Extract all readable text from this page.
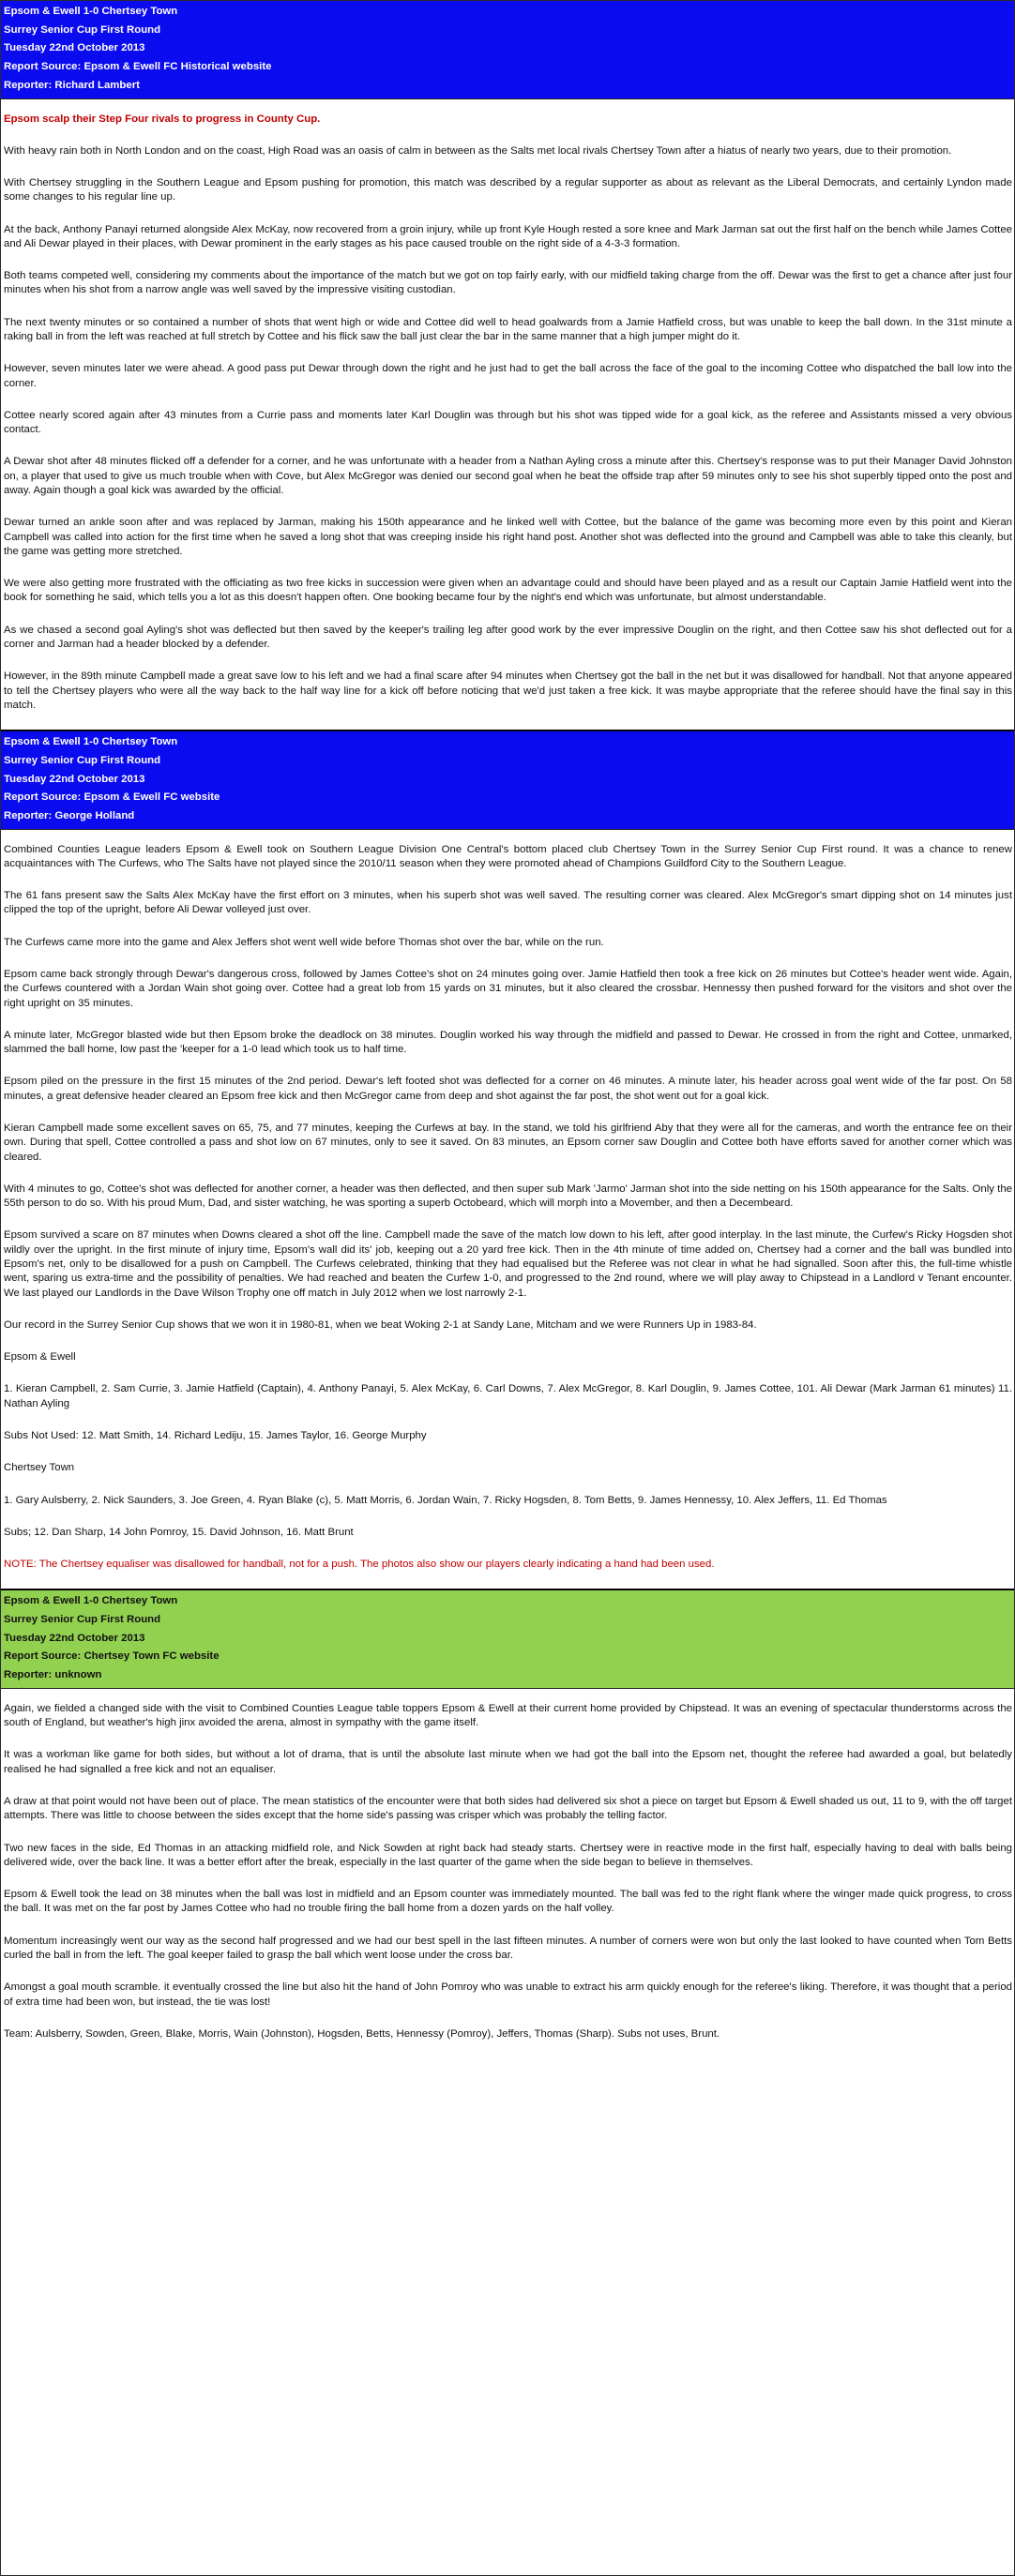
Epsom & Ewell 1-0 Chertsey Town
Surrey Senior Cup First Round
Tuesday 22nd October 2013
Report Source: Epsom & Ewell FC Historical website
Reporter: Richard Lambert

Epsom scalp their Step Four rivals to progress in County Cup.

With heavy rain both in North London and on the coast, High Road was an oasis of calm in between as the Salts met local rivals Chertsey Town after a hiatus of nearly two years, due to their promotion.

With Chertsey struggling in the Southern League and Epsom pushing for promotion, this match was described by a regular supporter as about as relevant as the Liberal Democrats, and certainly Lyndon made some changes to his regular line up.

At the back, Anthony Panayi returned alongside Alex McKay, now recovered from a groin injury, while up front Kyle Hough rested a sore knee and Mark Jarman sat out the first half on the bench while James Cottee and Ali Dewar played in their places, with Dewar prominent in the early stages as his pace caused trouble on the right side of a 4-3-3 formation.

Both teams competed well, considering my comments about the importance of the match but we got on top fairly early, with our midfield taking charge from the off. Dewar was the first to get a chance after just four minutes when his shot from a narrow angle was well saved by the impressive visiting custodian.

The next twenty minutes or so contained a number of shots that went high or wide and Cottee did well to head goalwards from a Jamie Hatfield cross, but was unable to keep the ball down. In the 31st minute a raking ball in from the left was reached at full stretch by Cottee and his flick saw the ball just clear the bar in the same manner that a high jumper might do it.

However, seven minutes later we were ahead. A good pass put Dewar through down the right and he just had to get the ball across the face of the goal to the incoming Cottee who dispatched the ball low into the corner.

Cottee nearly scored again after 43 minutes from a Currie pass and moments later Karl Douglin was through but his shot was tipped wide for a goal kick, as the referee and Assistants missed a very obvious contact.

A Dewar shot after 48 minutes flicked off a defender for a corner, and he was unfortunate with a header from a Nathan Ayling cross a minute after this. Chertsey's response was to put their Manager David Johnston on, a player that used to give us much trouble when with Cove, but Alex McGregor was denied our second goal when he beat the offside trap after 59 minutes only to see his shot superbly tipped onto the post and away. Again though a goal kick was awarded by the official.

Dewar turned an ankle soon after and was replaced by Jarman, making his 150th appearance and he linked well with Cottee, but the balance of the game was becoming more even by this point and Kieran Campbell was called into action for the first time when he saved a long shot that was creeping inside his right hand post. Another shot was deflected into the ground and Campbell was able to take this cleanly, but the game was getting more stretched.

We were also getting more frustrated with the officiating as two free kicks in succession were given when an advantage could and should have been played and as a result our Captain Jamie Hatfield went into the book for something he said, which tells you a lot as this doesn't happen often. One booking became four by the night's end which was unfortunate, but almost understandable.

As we chased a second goal Ayling's shot was deflected but then saved by the keeper's trailing leg after good work by the ever impressive Douglin on the right, and then Cottee saw his shot deflected out for a corner and Jarman had a header blocked by a defender.

However, in the 89th minute Campbell made a great save low to his left and we had a final scare after 94 minutes when Chertsey got the ball in the net but it was disallowed for handball. Not that anyone appeared to tell the Chertsey players who were all the way back to the half way line for a kick off before noticing that we'd just taken a free kick. It was maybe appropriate that the referee should have the final say in this match.

Epsom & Ewell 1-0 Chertsey Town
Surrey Senior Cup First Round
Tuesday 22nd October 2013
Report Source: Epsom & Ewell FC website
Reporter: George Holland

Combined Counties League leaders Epsom & Ewell took on Southern League Division One Central's bottom placed club Chertsey Town in the Surrey Senior Cup First round. It was a chance to renew acquaintances with The Curfews, who The Salts have not played since the 2010/11 season when they were promoted ahead of Champions Guildford City to the Southern League.

The 61 fans present saw the Salts Alex McKay have the first effort on 3 minutes, when his superb shot was well saved. The resulting corner was cleared. Alex McGregor's smart dipping shot on 14 minutes just clipped the top of the upright, before Ali Dewar volleyed just over.

The Curfews came more into the game and Alex Jeffers shot went well wide before Thomas shot over the bar, while on the run.

Epsom came back strongly through Dewar's dangerous cross, followed by James Cottee's shot on 24 minutes going over. Jamie Hatfield then took a free kick on 26 minutes but Cottee's header went wide. Again, the Curfews countered with a Jordan Wain shot going over. Cottee had a great lob from 15 yards on 31 minutes, but it also cleared the crossbar. Hennessy then pushed forward for the visitors and shot over the right upright on 35 minutes.

A minute later, McGregor blasted wide but then Epsom broke the deadlock on 38 minutes. Douglin worked his way through the midfield and passed to Dewar. He crossed in from the right and Cottee, unmarked, slammed the ball home, low past the 'keeper for a 1-0 lead which took us to half time.

Epsom piled on the pressure in the first 15 minutes of the 2nd period. Dewar's left footed shot was deflected for a corner on 46 minutes. A minute later, his header across goal went wide of the far post. On 58 minutes, a great defensive header cleared an Epsom free kick and then McGregor came from deep and shot against the far post, the shot went out for a goal kick.

Kieran Campbell made some excellent saves on 65, 75, and 77 minutes, keeping the Curfews at bay. In the stand, we told his girlfriend Aby that they were all for the cameras, and worth the entrance fee on their own. During that spell, Cottee controlled a pass and shot low on 67 minutes, only to see it saved. On 83 minutes, an Epsom corner saw Douglin and Cottee both have efforts saved for another corner which was cleared.

With 4 minutes to go, Cottee's shot was deflected for another corner, a header was then deflected, and then super sub Mark 'Jarmo' Jarman shot into the side netting on his 150th appearance for the Salts. Only the 55th person to do so. With his proud Mum, Dad, and sister watching, he was sporting a superb Octobeard, which will morph into a Movember, and then a Decembeard.

Epsom survived a scare on 87 minutes when Downs cleared a shot off the line. Campbell made the save of the match low down to his left, after good interplay. In the last minute, the Curfew's Ricky Hogsden shot wildly over the upright. In the first minute of injury time, Epsom's wall did its' job, keeping out a 20 yard free kick. Then in the 4th minute of time added on, Chertsey had a corner and the ball was bundled into Epsom's net, only to be disallowed for a push on Campbell. The Curfews celebrated, thinking that they had equalised but the Referee was not clear in what he had signalled. Soon after this, the full-time whistle went, sparing us extra-time and the possibility of penalties. We had reached and beaten the Curfew 1-0, and progressed to the 2nd round, where we will play away to Chipstead in a Landlord v Tenant encounter. We last played our Landlords in the Dave Wilson Trophy one off match in July 2012 when we lost narrowly 2-1.

Our record in the Surrey Senior Cup shows that we won it in 1980-81, when we beat Woking 2-1 at Sandy Lane, Mitcham and we were Runners Up in 1983-84.

Epsom & Ewell

1. Kieran Campbell, 2. Sam Currie, 3. Jamie Hatfield (Captain), 4. Anthony Panayi, 5. Alex McKay, 6. Carl Downs, 7. Alex McGregor, 8. Karl Douglin, 9. James Cottee, 101. Ali Dewar (Mark Jarman 61 minutes) 11. Nathan Ayling

Subs Not Used: 12. Matt Smith, 14. Richard Lediju, 15. James Taylor, 16. George Murphy

Chertsey Town

1. Gary Aulsberry, 2. Nick Saunders, 3. Joe Green, 4. Ryan Blake (c), 5. Matt Morris, 6. Jordan Wain, 7. Ricky Hogsden, 8. Tom Betts, 9. James Hennessy, 10. Alex Jeffers, 11. Ed Thomas

Subs; 12. Dan Sharp, 14 John Pomroy, 15. David Johnson, 16. Matt Brunt

NOTE: The Chertsey equaliser was disallowed for handball, not for a push. The photos also show our players clearly indicating a hand had been used.

Epsom & Ewell 1-0 Chertsey Town
Surrey Senior Cup First Round
Tuesday 22nd October 2013
Report Source: Chertsey Town FC website
Reporter: unknown

Again, we fielded a changed side with the visit to Combined Counties League table toppers Epsom & Ewell at their current home provided by Chipstead. It was an evening of spectacular thunderstorms across the south of England, but weather's high jinx avoided the arena, almost in sympathy with the game itself.

It was a workman like game for both sides, but without a lot of drama, that is until the absolute last minute when we had got the ball into the Epsom net, thought the referee had awarded a goal, but belatedly realised he had signalled a free kick and not an equaliser.

A draw at that point would not have been out of place. The mean statistics of the encounter were that both sides had delivered six shot a piece on target but Epsom & Ewell shaded us out, 11 to 9, with the off target attempts. There was little to choose between the sides except that the home side's passing was crisper which was probably the telling factor.

Two new faces in the side, Ed Thomas in an attacking midfield role, and Nick Sowden at right back had steady starts. Chertsey were in reactive mode in the first half, especially having to deal with balls being delivered wide, over the back line. It was a better effort after the break, especially in the last quarter of the game when the side began to believe in themselves.

Epsom & Ewell took the lead on 38 minutes when the ball was lost in midfield and an Epsom counter was immediately mounted. The ball was fed to the right flank where the winger made quick progress, to cross the ball. It was met on the far post by James Cottee who had no trouble firing the ball home from a dozen yards on the half volley.

Momentum increasingly went our way as the second half progressed and we had our best spell in the last fifteen minutes. A number of corners were won but only the last looked to have counted when Tom Betts curled the ball in from the left. The goal keeper failed to grasp the ball which went loose under the cross bar.

Amongst a goal mouth scramble. it eventually crossed the line but also hit the hand of John Pomroy who was unable to extract his arm quickly enough for the referee's liking. Therefore, it was thought that a period of extra time had been won, but instead, the tie was lost!

Team: Aulsberry, Sowden, Green, Blake, Morris, Wain (Johnston), Hogsden, Betts, Hennessy (Pomroy), Jeffers, Thomas (Sharp). Subs not uses, Brunt.
